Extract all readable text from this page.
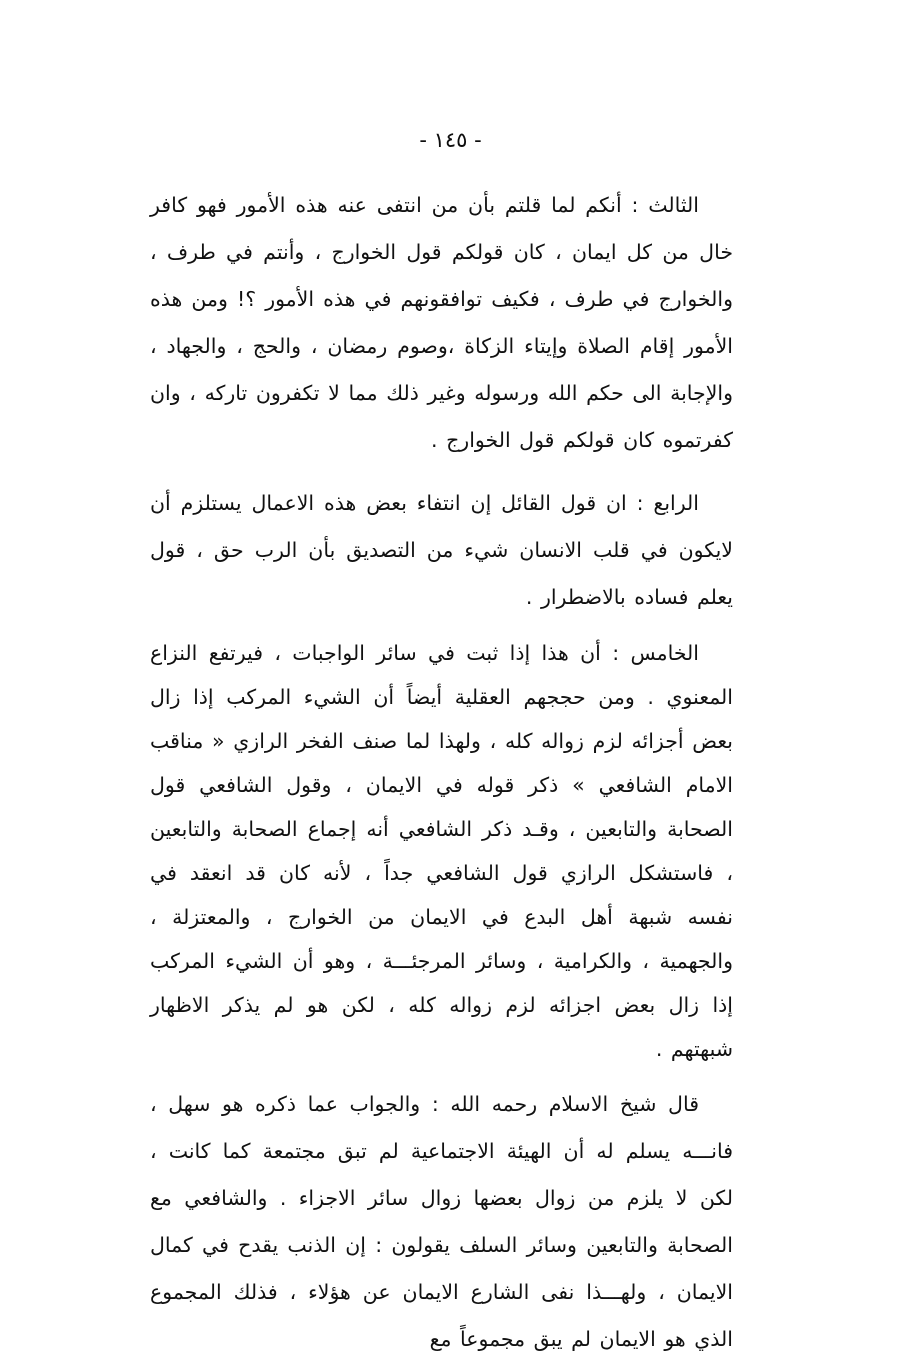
- ١٤٥ -

الثالث : أنكم لما قلتم بأن من انتفى عنه هذه الأمور فهو كافر خال من كل ايمان ، كان قولكم قول الخوارج ، وأنتم في طرف ، والخوارج في طرف ، فكيف توافقونهم في هذه الأمور ؟! ومن هذه الأمور إقام الصلاة وإيتاء الزكاة ،وصوم رمضان ، والحج ، والجهاد ، والإجابة الى حكم الله ورسوله وغير ذلك مما لا تكفرون تاركه ، وان كفرتموه كان قولكم قول الخوارج .

الرابع : ان قول القائل إن انتفاء بعض هذه الاعمال يستلزم أن لايكون في قلب الانسان شيء من التصديق بأن الرب حق ، قول يعلم فساده بالاضطرار .

الخامس : أن هذا إذا ثبت في سائر الواجبات ، فيرتفع النزاع المعنوي . ومن حججهم العقلية أيضاً أن الشيء المركب إذا زال بعض أجزائه لزم زواله كله ، ولهذا لما صنف الفخر الرازي « مناقب الامام الشافعي » ذكر قوله في الايمان ، وقول الشافعي قول الصحابة والتابعين ، وقـد ذكر الشافعي أنه إجماع الصحابة والتابعين ، فاستشكل الرازي قول الشافعي جداً ، لأنه كان قد انعقد في نفسه شبهة أهل البدع في الايمان من الخوارج ، والمعتزلة ، والجهمية ، والكرامية ، وسائر المرجئـــة ، وهو أن الشيء المركب إذا زال بعض اجزائه لزم زواله كله ، لكن هو لم يذكر الاظهار شبهتهم .

قال شيخ الاسلام رحمه الله : والجواب عما ذكره هو سهل ، فانـــه يسلم له أن الهيئة الاجتماعية لم تبق مجتمعة كما كانت ، لكن لا يلزم من زوال بعضها زوال سائر الاجزاء . والشافعي مع الصحابة والتابعين وسائر السلف يقولون : إن الذنب يقدح في كمال الايمان ، ولهـــذا نفى الشارع الايمان عن هؤلاء ، فذلك المجموع الذي هو الايمان لم يبق مجموعاً مع
